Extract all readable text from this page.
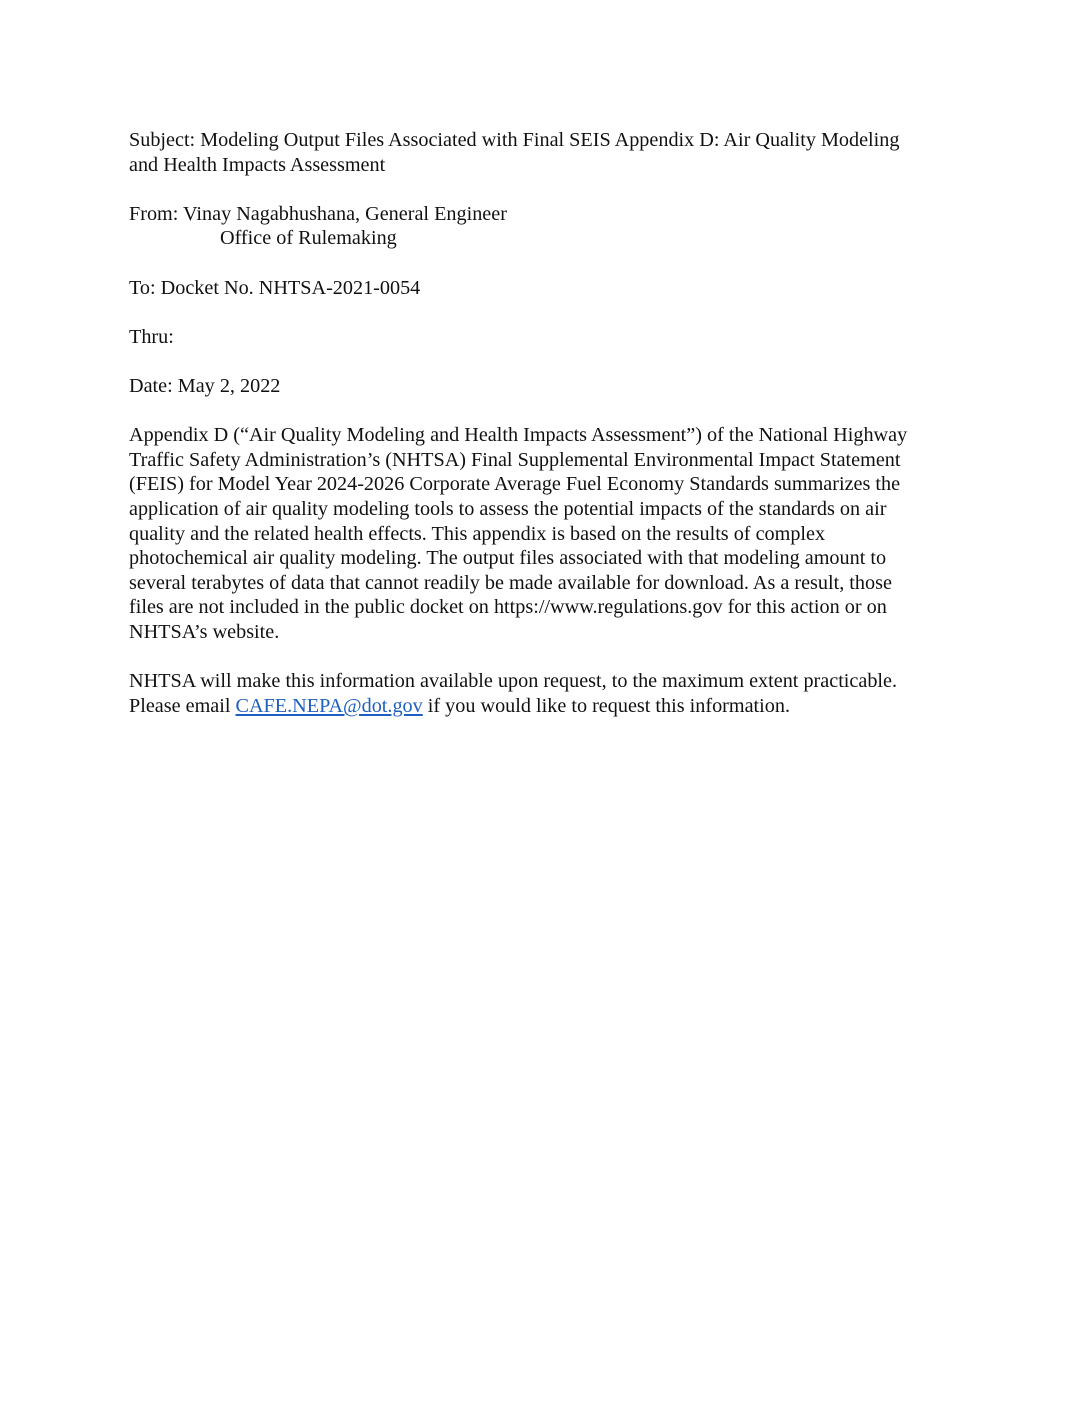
Subject: Modeling Output Files Associated with Final SEIS Appendix D: Air Quality Modeling
and Health Impacts Assessment
From: Vinay Nagabhushana, General Engineer
Office of Rulemaking
To: Docket No. NHTSA-2021-0054
Thru:
Date: May 2, 2022
Appendix D (“Air Quality Modeling and Health Impacts Assessment”) of the National Highway
Traffic Safety Administration’s (NHTSA) Final Supplemental Environmental Impact Statement
(FEIS) for Model Year 2024-2026 Corporate Average Fuel Economy Standards summarizes the
application of air quality modeling tools to assess the potential impacts of the standards on air
quality and the related health effects. This appendix is based on the results of complex
photochemical air quality modeling. The output files associated with that modeling amount to
several terabytes of data that cannot readily be made available for download. As a result, those
files are not included in the public docket on https://www.regulations.gov for this action or on
NHTSA’s website.
NHTSA will make this information available upon request, to the maximum extent practicable.
Please email CAFE.NEPA@dot.gov if you would like to request this information.
